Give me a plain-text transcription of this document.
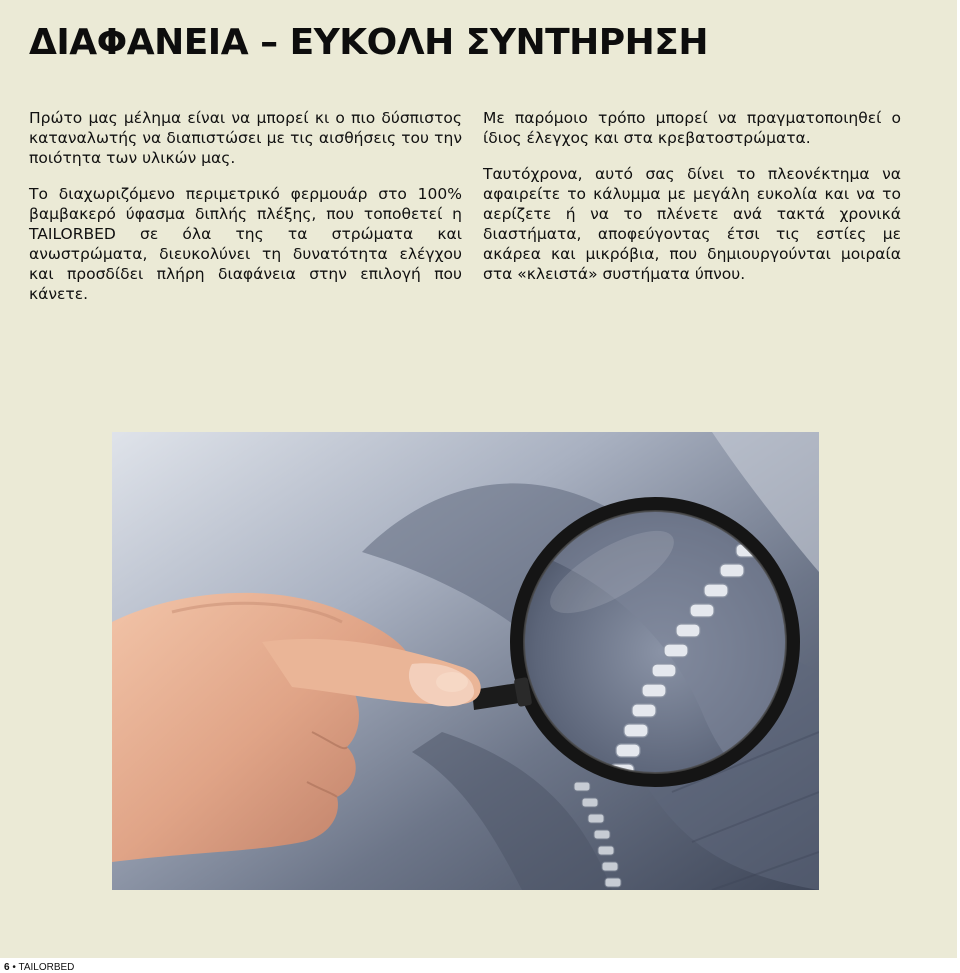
ΔΙΑΦΑΝΕΙΑ – ΕΥΚΟΛΗ ΣΥΝΤΗΡΗΣΗ

Πρώτο μας μέλημα είναι να μπορεί κι ο πιο δύσπιστος καταναλωτής να διαπιστώσει με τις αισθήσεις του την ποιότητα των υλικών μας.

Το διαχωριζόμενο περιμετρικό φερμουάρ στο 100% βαμβακερό ύφασμα διπλής πλέξης, που τοποθετεί η TAILORBED σε όλα της τα στρώματα και ανωστρώματα, διευκολύνει τη δυνατότητα ελέγχου και προσδίδει πλήρη διαφάνεια στην επιλογή που κάνετε.

Με παρόμοιο τρόπο μπορεί να πραγματοποιηθεί ο ίδιος έλεγχος και στα κρεβατοστρώματα.

Ταυτόχρονα, αυτό σας δίνει το πλεονέκτημα να αφαιρείτε το κάλυμμα με μεγάλη ευκολία και να το αερίζετε ή να το πλένετε ανά τακτά χρονικά διαστήματα, αποφεύγοντας έτσι τις εστίες με ακάρεα και μικρόβια, που δημιουργούνται μοιραία στα «κλειστά» συστήματα ύπνου.

6 • TAILORBED
